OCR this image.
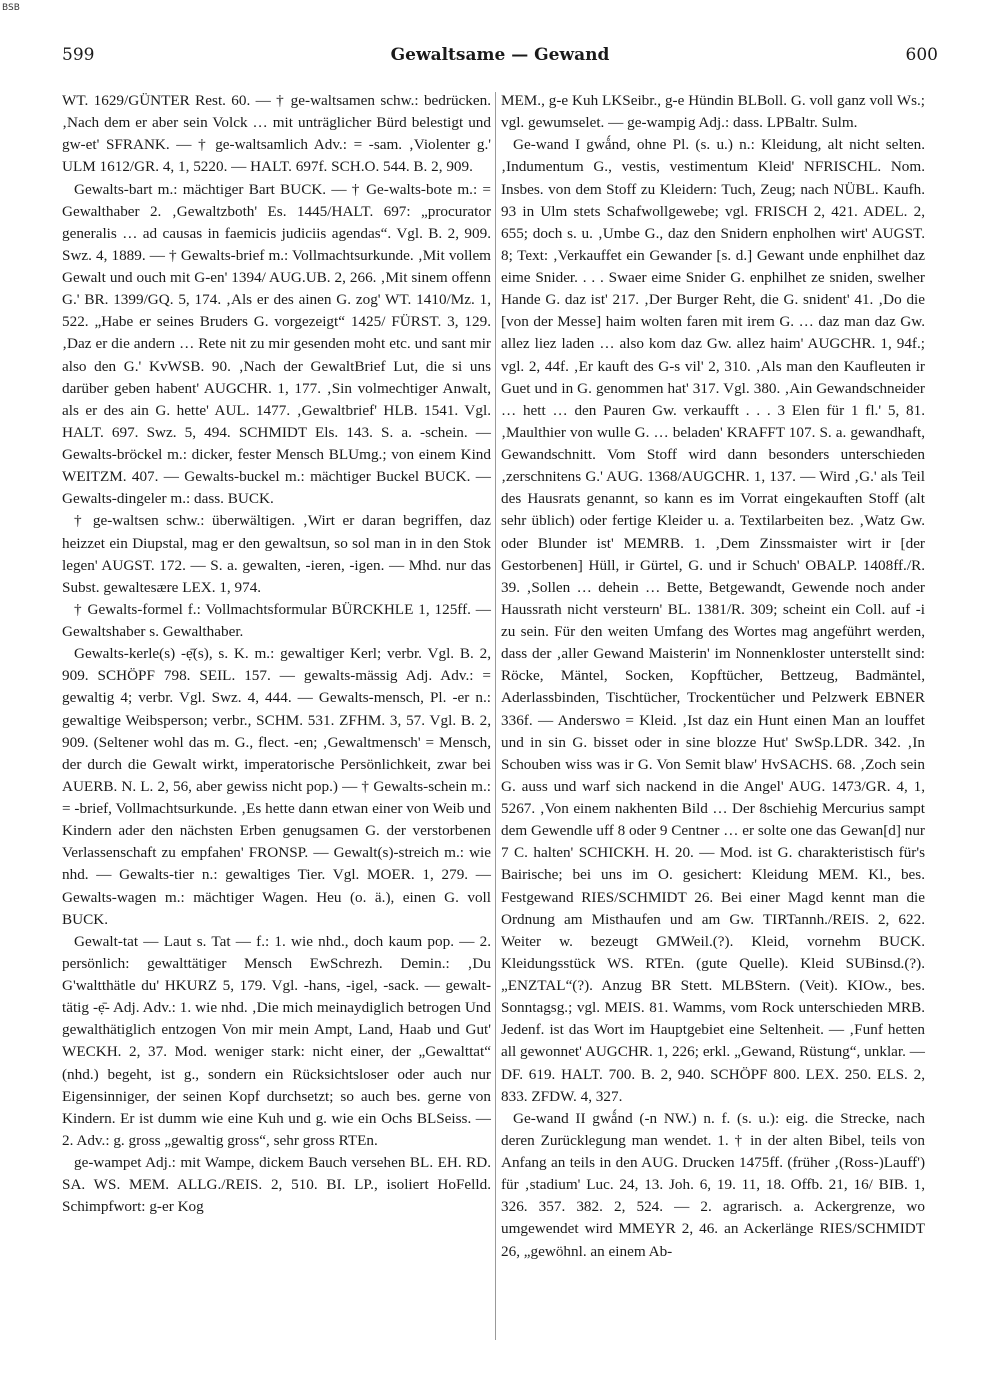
BSB
599	Gewaltsame — Gewand	600

WT. 1629/GÜNTER Rest. 60. — † ge-waltsamen schw.: bedrücken. ‚Nach dem er aber sein Volck … mit unträglicher Bürd belestigt und gw-et' SFRANK. — † ge-waltsamlich Adv.: = -sam. ‚Violenter g.' ULM 1612/GR. 4, 1, 5220. — HALT. 697f. SCH.O. 544. B. 2, 909.

Gewalts-bart m.: mächtiger Bart BUCK. — † Ge-walts-bote m.: = Gewalthaber 2. ‚Gewaltzboth' Es. 1445/HALT. 697: „procurator generalis … ad causas in faemicis judiciis agendas“. Vgl. B. 2, 909. Swz. 4, 1889. — † Gewalts-brief m.: Vollmachtsurkunde. ‚Mit vollem Gewalt und ouch mit G-en' 1394/ AUG.UB. 2, 266. ‚Mit sinem offenn G.' BR. 1399/GQ. 5, 174. ‚Als er des ainen G. zog' WT. 1410/Mz. 1, 522. „Habe er seines Bruders G. vorgezeigt“ 1425/ FÜRST. 3, 129. ‚Daz er die andern … Rete nit zu mir gesenden moht etc. und sant mir also den G.' KvWSB. 90. ‚Nach der GewaltBrief Lut, die si uns darüber geben habent' AUGCHR. 1, 177. ‚Sin volmechtiger Anwalt, als er des ain G. hette' AUL. 1477. ‚Gewaltbrief' HLB. 1541. Vgl. HALT. 697. Swz. 5, 494. SCHMIDT Els. 143. S. a. -schein. — Gewalts-bröckel m.: dicker, fester Mensch BLUmg.; von einem Kind WEITZM. 407. — Gewalts-buckel m.: mächtiger Buckel BUCK. — Gewalts-dingeler m.: dass. BUCK.

† ge-waltsen schw.: überwältigen. ‚Wirt er daran begriffen, daz heizzet ein Diupstal, mag er den gewaltsun, so sol man in in den Stok legen' AUGST. 172. — S. a. gewalten, -ieren, -igen. — Mhd. nur das Subst. gewaltesære LEX. 1, 974.

† Gewalts-formel f.: Vollmachtsformular BÜRCKHLE 1, 125ff. — Gewaltshaber s. Gewalthaber.

Gewalts-kerle(s) -ẹ̄(s), s. K. m.: gewaltiger Kerl; verbr. Vgl. B. 2, 909. SCHÖPF 798. SEIL. 157. — gewalts-mässig Adj. Adv.: = gewaltig 4; verbr. Vgl. Swz. 4, 444. — Gewalts-mensch, Pl. -er n.: gewaltige Weibsperson; verbr., SCHM. 531. ZFHM. 3, 57. Vgl. B. 2, 909. (Seltener wohl das m. G., flect. -en; ‚Gewaltmensch' = Mensch, der durch die Gewalt wirkt, imperatorische Persönlichkeit, zwar bei AUERB. N. L. 2, 56, aber gewiss nicht pop.) — † Gewalts-schein m.: = -brief, Vollmachtsurkunde. ‚Es hette dann etwan einer von Weib und Kindern ader den nächsten Erben genugsamen G. der verstorbenen Verlassenschaft zu empfahen' FRONSP. — Gewalt(s)-streich m.: wie nhd. — Gewalts-tier n.: gewaltiges Tier. Vgl. MOER. 1, 279. — Gewalts-wagen m.: mächtiger Wagen. Heu (o. ä.), einen G. voll BUCK.

Gewalt-tat — Laut s. Tat — f.: 1. wie nhd., doch kaum pop. — 2. persönlich: gewalttätiger Mensch EwSchrezh. Demin.: ‚Du G'waltthätle du' HKURZ 5, 179. Vgl. -hans, -igel, -sack. — gewalt-tätig -ẹ̄- Adj. Adv.: 1. wie nhd. ‚Die mich meinaydiglich betrogen Und gewalthätiglich entzogen Von mir mein Ampt, Land, Haab und Gut' WECKH. 2, 37. Mod. weniger stark: nicht einer, der „Gewalttat“ (nhd.) begeht, ist g., sondern ein Rücksichtsloser oder auch nur Eigensinniger, der seinen Kopf durchsetzt; so auch bes. gerne von Kindern. Er ist dumm wie eine Kuh und g. wie ein Ochs BLSeiss. — 2. Adv.: g. gross „gewaltig gross“, sehr gross RTEn.

ge-wampet Adj.: mit Wampe, dickem Bauch versehen BL. EH. RD. SA. WS. MEM. ALLG./REIS. 2, 510. BI. LP., isoliert HoFelld. Schimpfwort: g-er Kog

MEM., g-e Kuh LKSeibr., g-e Hündin BLBoll. G. voll ganz voll Ws.; vgl. gewumselet. — ge-wampig Adj.: dass. LPBaltr. Sulm.

Ge-wand I gwǻnd, ohne Pl. (s. u.) n.: Kleidung, alt nicht selten. ‚Indumentum G., vestis, vestimentum Kleid' NFRISCHL. Nom. Insbes. von dem Stoff zu Kleidern: Tuch, Zeug; nach NÜBL. Kaufh. 93 in Ulm stets Schafwollgewebe; vgl. FRISCH 2, 421. ADEL. 2, 655; doch s. u. ‚Umbe G., daz den Snidern enpholhen wirt' AUGST. 8; Text: ‚Verkauffet ein Gewander [s. d.] Gewant unde enphilhet daz eime Snider. . . . Swaer eime Snider G. enphilhet ze sniden, swelher Hande G. daz ist' 217. ‚Der Burger Reht, die G. snident' 41. ‚Do die [von der Messe] haim wolten faren mit irem G. … daz man daz Gw. allez liez laden … also kom daz Gw. allez haim' AUGCHR. 1, 94f.; vgl. 2, 44f. ‚Er kauft des G-s vil' 2, 310. ‚Als man den Kaufleuten ir Guet und in G. genommen hat' 317. Vgl. 380. ‚Ain Gewandschneider … hett … den Pauren Gw. verkaufft . . . 3 Elen für 1 fl.' 5, 81. ‚Maulthier von wulle G. … beladen' KRAFFT 107. S. a. gewandhaft, Gewandschnitt. Vom Stoff wird dann besonders unterschieden ‚zerschnitens G.' AUG. 1368/AUGCHR. 1, 137. — Wird ‚G.' als Teil des Hausrats genannt, so kann es im Vorrat eingekauften Stoff (alt sehr üblich) oder fertige Kleider u. a. Textilarbeiten bez. ‚Watz Gw. oder Blunder ist' MEMRB. 1. ‚Dem Zinssmaister wirt ir [der Gestorbenen] Hüll, ir Gürtel, G. und ir Schuch' OBALP. 1408ff./R. 39. ‚Sollen … dehein … Bette, Betgewandt, Gewende noch ander Haussrath nicht versteurn' BL. 1381/R. 309; scheint ein Coll. auf -i zu sein. Für den weiten Umfang des Wortes mag angeführt werden, dass der ‚aller Gewand Maisterin' im Nonnenkloster unterstellt sind: Röcke, Mäntel, Socken, Kopftücher, Bettzeug, Badmäntel, Aderlassbinden, Tischtücher, Trockentücher und Pelzwerk EBNER 336f. — Anderswo = Kleid. ‚Ist daz ein Hunt einen Man an louffet und in sin G. bisset oder in sine blozze Hut' SwSp.LDR. 342. ‚In Schouben wiss was ir G. Von Semit blaw' HvSACHS. 68. ‚Zoch sein G. auss und warf sich nackend in die Angel' AUG. 1473/GR. 4, 1, 5267. ‚Von einem nakhenten Bild … Der 8schiehig Mercurius sampt dem Gewendle uff 8 oder 9 Centner … er solte one das Gewan[d] nur 7 C. halten' SCHICKH. H. 20. — Mod. ist G. charakteristisch für's Bairische; bei uns im O. gesichert: Kleidung MEM. Kl., bes. Festgewand RIES/SCHMIDT 26. Bei einer Magd kennt man die Ordnung am Misthaufen und am Gw. TIRTannh./REIS. 2, 622. Weiter w. bezeugt GMWeil.(?). Kleid, vornehm BUCK. Kleidungsstück WS. RTEn. (gute Quelle). Kleid SUBinsd.(?). „ENZTAL“(?). Anzug BR Stett. MLBStern. (Veit). KIOw., bes. Sonntagsg.; vgl. MEIS. 81. Wamms, vom Rock unterschieden MRB. Jedenf. ist das Wort im Hauptgebiet eine Seltenheit. — ‚Funf hetten all gewonnet' AUGCHR. 1, 226; erkl. „Gewand, Rüstung“, unklar. — DF. 619. HALT. 700. B. 2, 940. SCHÖPF 800. LEX. 250. ELS. 2, 833. ZFDW. 4, 327.

Ge-wand II gwǻnd (-n NW.) n. f. (s. u.): eig. die Strecke, nach deren Zurücklegung man wendet. 1. † in der alten Bibel, teils von Anfang an teils in den AUG. Drucken 1475ff. (früher ‚(Ross-)Lauff') für ‚stadium' Luc. 24, 13. Joh. 6, 19. 11, 18. Offb. 21, 16/ BIB. 1, 326. 357. 382. 2, 524. — 2. agrarisch. a. Ackergrenze, wo umgewendet wird MMEYR 2, 46. an Ackerlänge RIES/SCHMIDT 26, „gewöhnl. an einem Ab-
